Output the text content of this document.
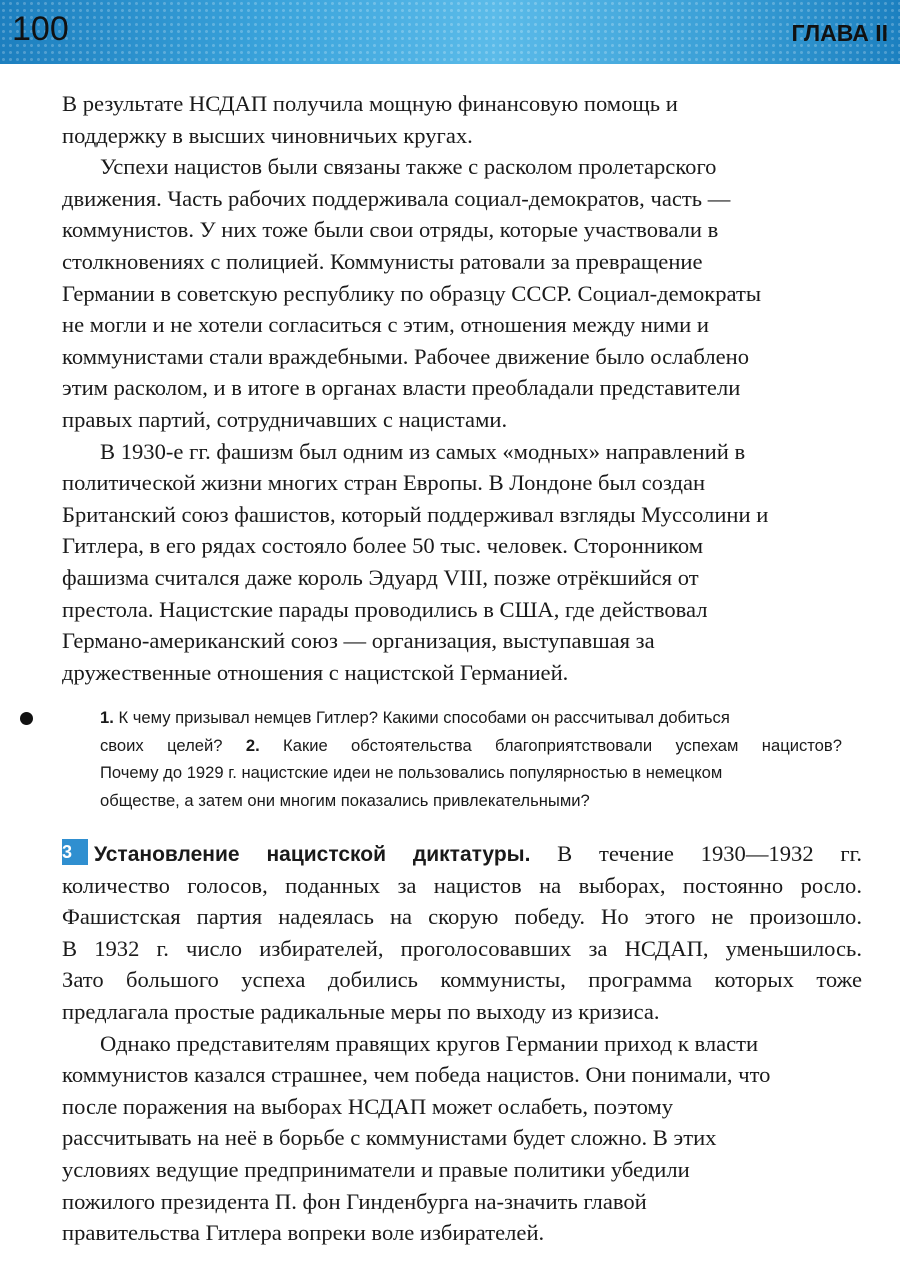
100	ГЛАВА II
В результате НСДАП получила мощную финансовую помощь и
поддержку в высших чиновничьих кругах.
Успехи нацистов были связаны также с расколом пролетарского
движения. Часть рабочих поддерживала социал-демократов, часть —
коммунистов. У них тоже были свои отряды, которые участвовали в
столкновениях с полицией. Коммунисты ратовали за превращение
Германии в советскую республику по образцу СССР. Социал-демократы
не могли и не хотели согласиться с этим, отношения между ними и
коммунистами стали враждебными. Рабочее движение было ослаблено
этим расколом, и в итоге в органах власти преобладали представители
правых партий, сотрудничавших с нацистами.
В 1930-е гг. фашизм был одним из самых «модных» направлений в
политической жизни многих стран Европы. В Лондоне был создан
Британский союз фашистов, который поддерживал взгляды Муссолини и
Гитлера, в его рядах состояло более 50 тыс. человек. Сторонником
фашизма считался даже король Эдуард VIII, позже отрёкшийся от
престола. Нацистские парады проводились в США, где действовал
Германо-американский союз — организация, выступавшая за
дружественные отношения с нацистской Германией.
1. К чему призывал немцев Гитлер? Какими способами он рассчитывал добиться
своих целей? 2. Какие обстоятельства благоприятствовали успехам нацистов?
Почему до 1929 г. нацистские идеи не пользовались популярностью в немецком
обществе, а затем они многим показались привлекательными?
3 Установление нацистской диктатуры. В течение 1930—1932 гг.
количество голосов, поданных за нацистов на выборах, постоянно росло.
Фашистская партия надеялась на скорую победу. Но этого не произошло.
В 1932 г. число избирателей, проголосовавших за НСДАП, уменьшилось.
Зато большого успеха добились коммунисты, программа которых тоже
предлагала простые радикальные меры по выходу из кризиса.
Однако представителям правящих кругов Германии приход к власти
коммунистов казался страшнее, чем победа нацистов. Они понимали, что
после поражения на выборах НСДАП может ослабеть, поэтому
рассчитывать на неё в борьбе с коммунистами будет сложно. В этих
условиях ведущие предприниматели и правые политики убедили
пожилого президента П. фон Гинденбурга на-значить главой
правительства Гитлера вопреки воле избирателей.
